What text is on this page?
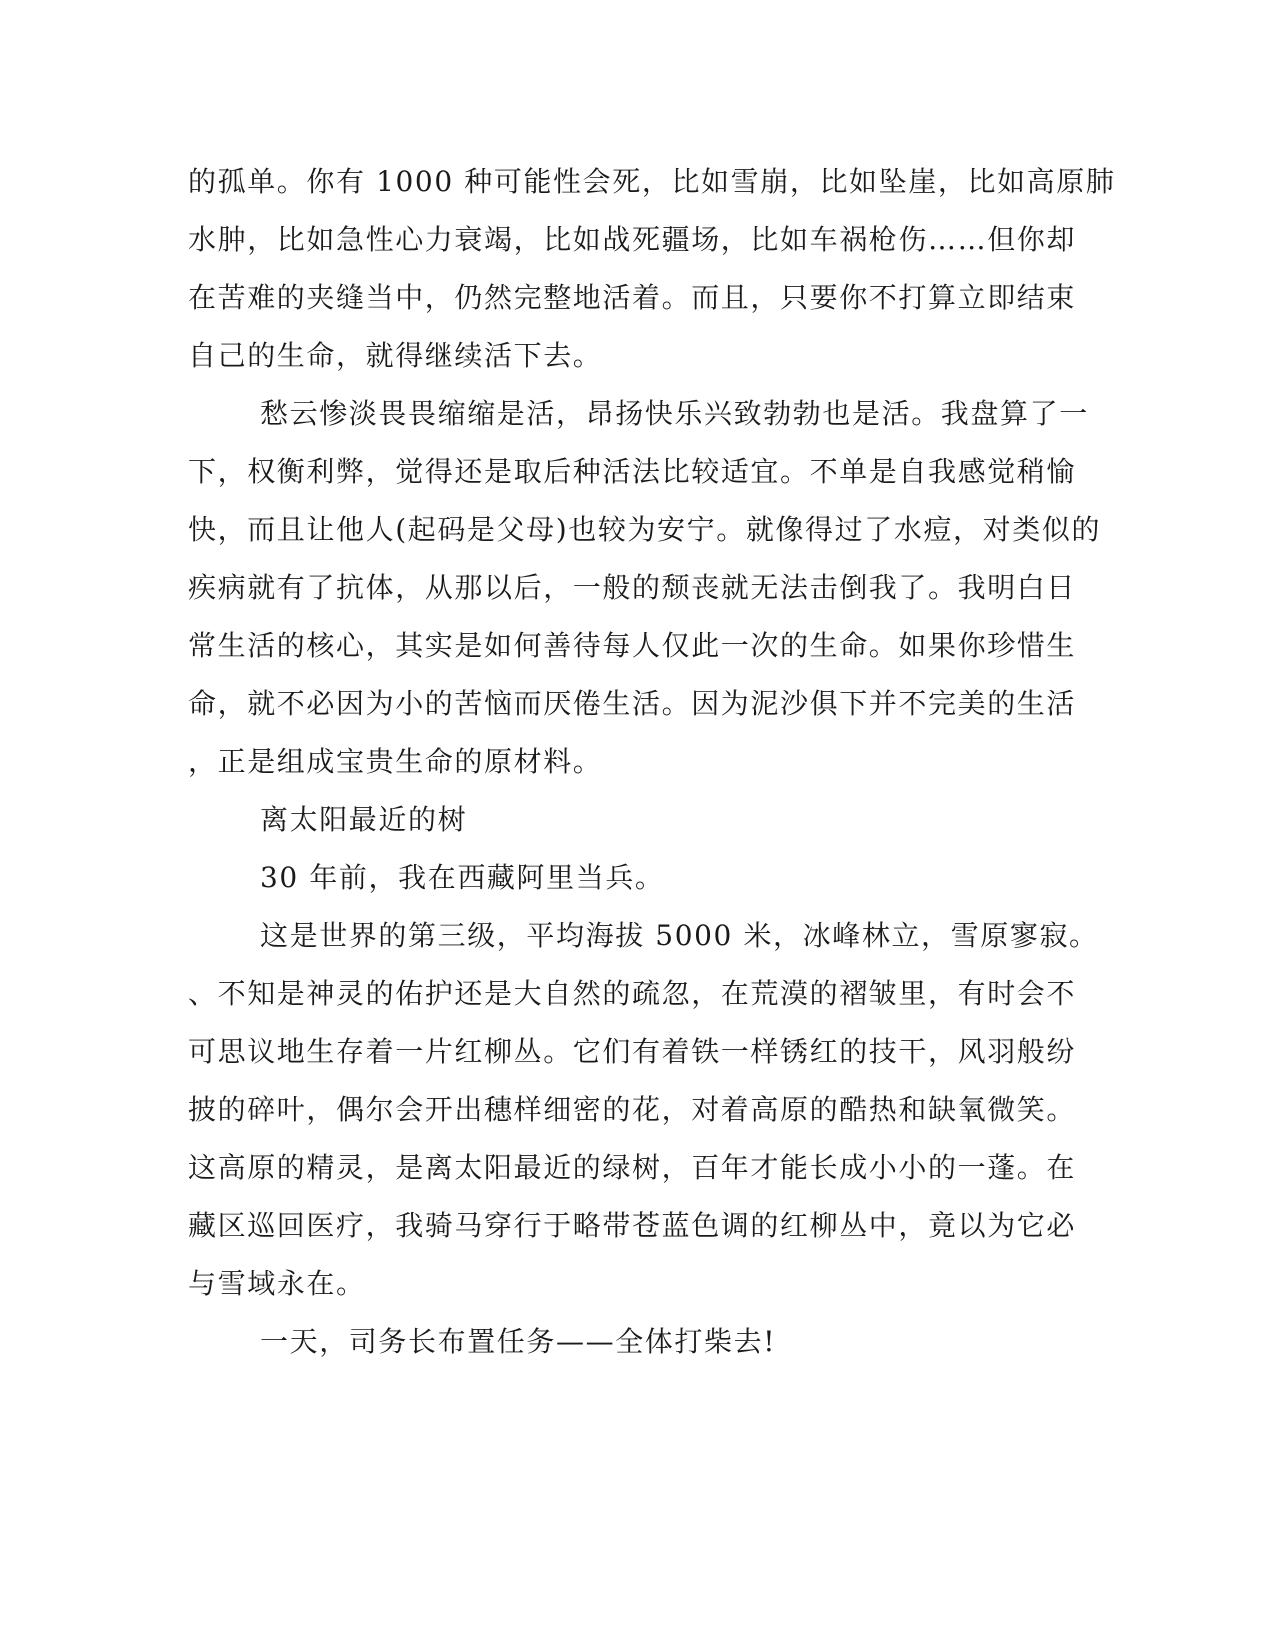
的孤单。你有 1000 种可能性会死，比如雪崩，比如坠崖，比如高原肺
水肿，比如急性心力衰竭，比如战死疆场，比如车祸枪伤……但你却
在苦难的夹缝当中，仍然完整地活着。而且，只要你不打算立即结束
自己的生命，就得继续活下去。
愁云惨淡畏畏缩缩是活，昂扬快乐兴致勃勃也是活。我盘算了一
下，权衡利弊，觉得还是取后种活法比较适宜。不单是自我感觉稍愉
快，而且让他人(起码是父母)也较为安宁。就像得过了水痘，对类似的
疾病就有了抗体，从那以后，一般的颓丧就无法击倒我了。我明白日
常生活的核心，其实是如何善待每人仅此一次的生命。如果你珍惜生
命，就不必因为小的苦恼而厌倦生活。因为泥沙俱下并不完美的生活
，正是组成宝贵生命的原材料。
离太阳最近的树
30 年前，我在西藏阿里当兵。
这是世界的第三级，平均海拔 5000 米，冰峰林立，雪原寥寂。
、不知是神灵的佑护还是大自然的疏忽，在荒漠的褶皱里，有时会不
可思议地生存着一片红柳丛。它们有着铁一样锈红的技干，风羽般纷
披的碎叶，偶尔会开出穗样细密的花，对着高原的酷热和缺氧微笑。
这高原的精灵，是离太阳最近的绿树，百年才能长成小小的一蓬。在
藏区巡回医疗，我骑马穿行于略带苍蓝色调的红柳丛中，竟以为它必
与雪域永在。
一天，司务长布置任务——全体打柴去!
